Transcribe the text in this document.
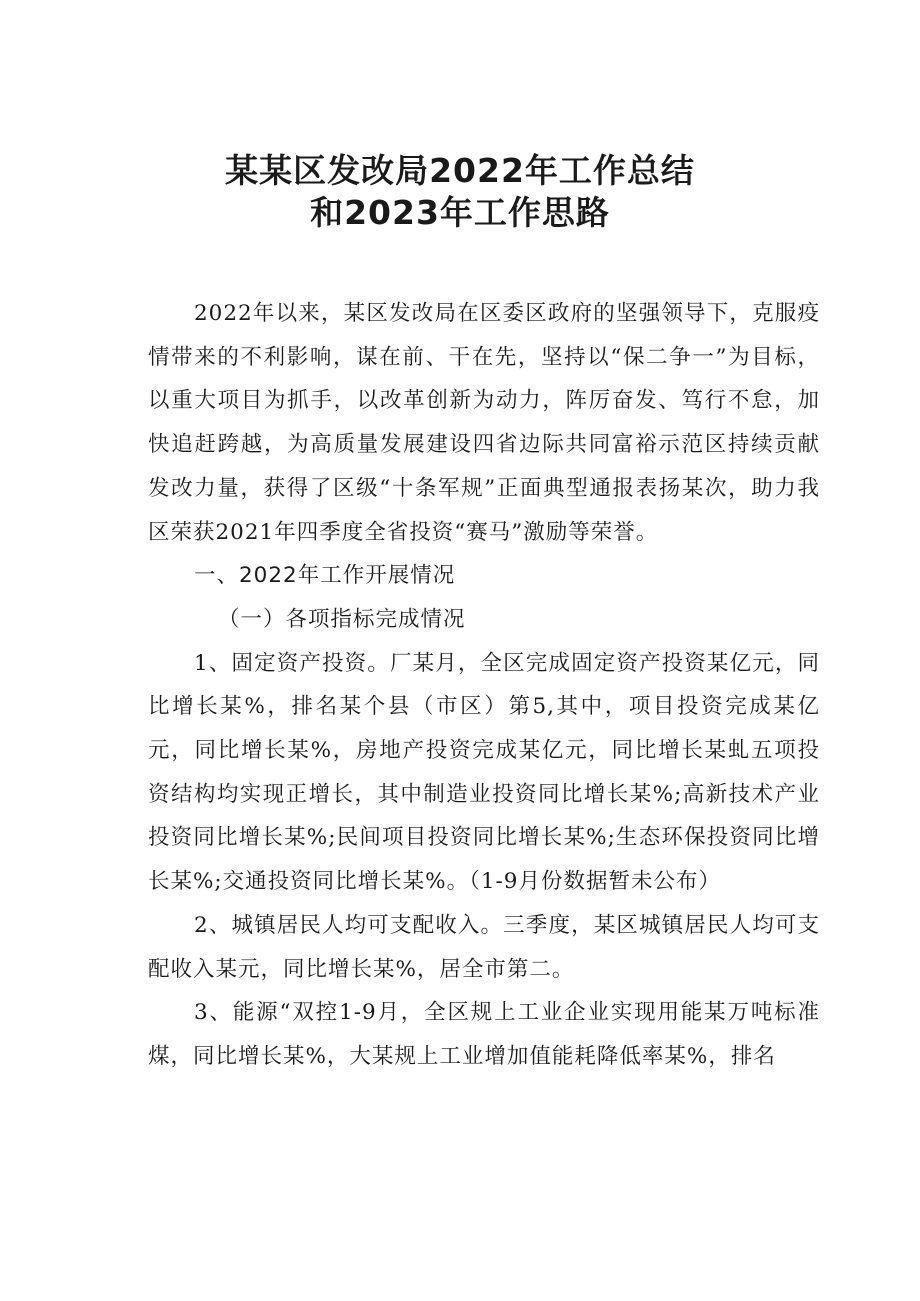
某某区发改局2022年工作总结
和2023年工作思路

2022年以来，某区发改局在区委区政府的坚强领导下，克服疫情带来的不利影响，谋在前、干在先，坚持以“保二争一”为目标，以重大项目为抓手，以改革创新为动力，阵厉奋发、笃行不怠，加快追赶跨越，为高质量发展建设四省边际共同富裕示范区持续贡献发改力量，获得了区级“十条军规”正面典型通报表扬某次，助力我区荣获2021年四季度全省投资“赛马”激励等荣誉。

一、2022年工作开展情况

（一）各项指标完成情况

1、固定资产投资。厂某月，全区完成固定资产投资某亿元，同比增长某%，排名某个县（市区）第5,其中，项目投资完成某亿元，同比增长某%，房地产投资完成某亿元，同比增长某虬五项投资结构均实现正增长，其中制造业投资同比增长某%;高新技术产业投资同比增长某%;民间项目投资同比增长某%;生态环保投资同比增长某%;交通投资同比增长某%。（1-9月份数据暂未公布）

2、城镇居民人均可支配收入。三季度，某区城镇居民人均可支配收入某元，同比增长某%，居全市第二。

3、能源“双控1-9月，全区规上工业企业实现用能某万吨标准煤，同比增长某%，大某规上工业增加值能耗降低率某%，排名
